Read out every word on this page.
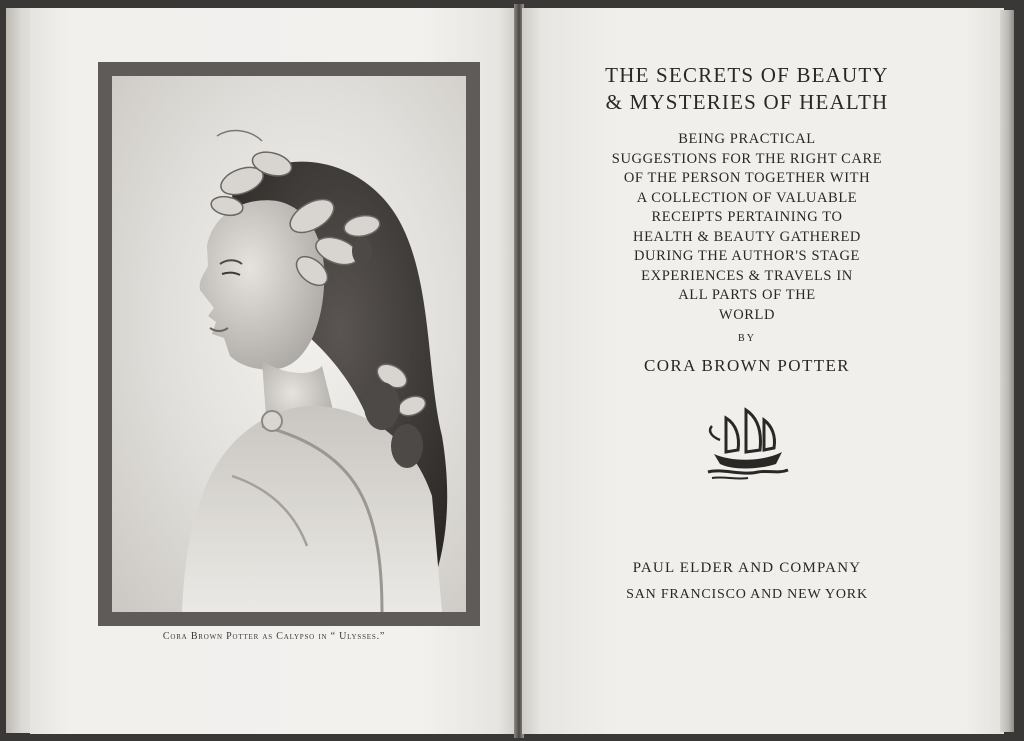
Cora Brown Potter as Calypso in “ Ulysses.”
THE SECRETS OF BEAUTY
& MYSTERIES OF HEALTH
BEING PRACTICAL
SUGGESTIONS FOR THE RIGHT CARE
OF THE PERSON TOGETHER WITH
A COLLECTION OF VALUABLE
RECEIPTS PERTAINING TO
HEALTH & BEAUTY GATHERED
DURING THE AUTHOR'S STAGE
EXPERIENCES & TRAVELS IN
ALL PARTS OF THE
WORLD
BY
CORA BROWN POTTER
PAUL ELDER AND COMPANY
SAN FRANCISCO AND NEW YORK
